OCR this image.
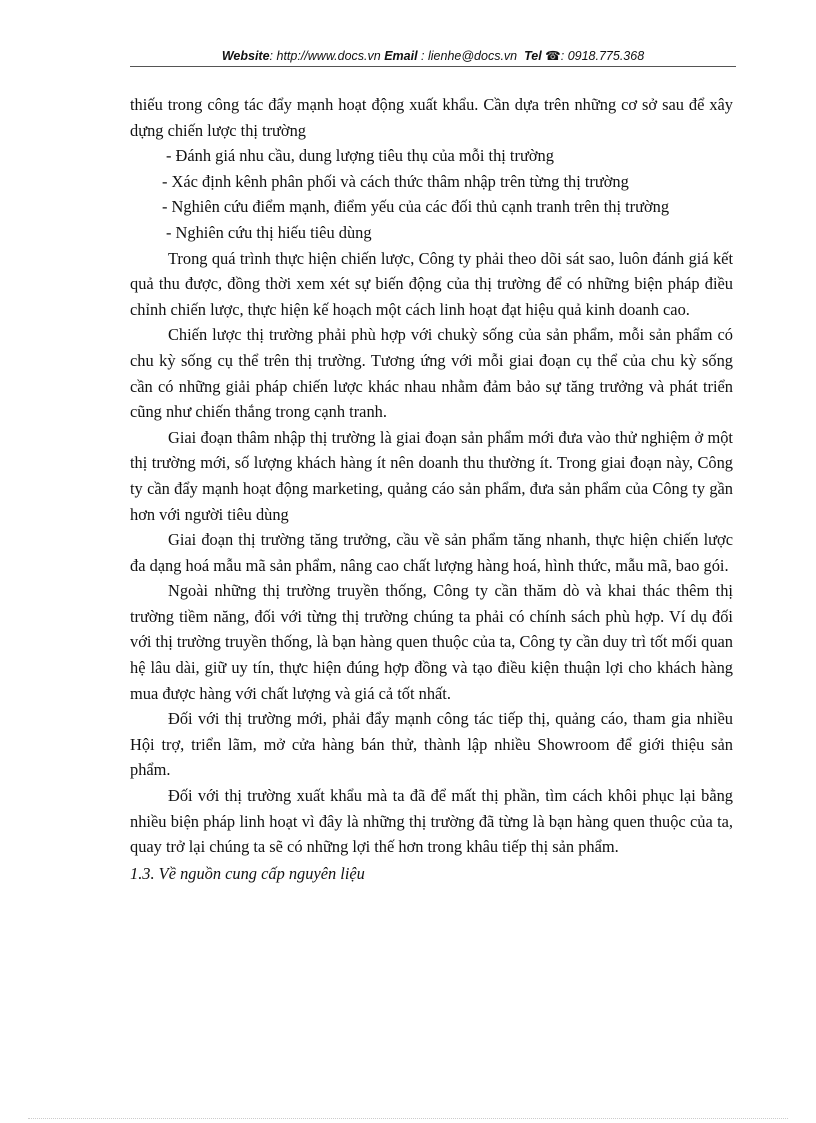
Website: http://www.docs.vn Email : lienhe@docs.vn Tel ☎: 0918.775.368

thiếu trong công tác đẩy mạnh hoạt động xuất khẩu. Cần dựa trên những cơ sở sau để xây dựng chiến lược thị trường

- Đánh giá nhu cầu, dung lượng tiêu thụ của mỗi thị trường

- Xác định kênh phân phối và cách thức thâm nhập trên từng thị trường

- Nghiên cứu điểm mạnh, điểm yếu của các đối thủ cạnh tranh trên thị trường

- Nghiên cứu thị hiếu tiêu dùng

Trong quá trình thực hiện chiến lược, Công ty phải theo dõi sát sao, luôn đánh giá kết quả thu được, đồng thời xem xét sự biến động của thị trường để có những biện pháp điều chỉnh chiến lược, thực hiện kế hoạch một cách linh hoạt đạt hiệu quả kinh doanh cao.

Chiến lược thị trường phải phù hợp với chukỳ sống của sản phẩm, mỗi sản phẩm có chu kỳ sống cụ thể trên thị trường. Tương ứng với mỗi giai đoạn cụ thể của chu kỳ sống cần có những giải pháp chiến lược khác nhau nhằm đảm bảo sự tăng trưởng và phát triển cũng như chiến thắng trong cạnh tranh.

Giai đoạn thâm nhập thị trường là giai đoạn sản phẩm mới đưa vào thử nghiệm ở một thị trường mới, số lượng khách hàng ít nên doanh thu thường ít. Trong giai đoạn này, Công ty cần đẩy mạnh hoạt động marketing, quảng cáo sản phẩm, đưa sản phẩm của Công ty gần hơn với người tiêu dùng

Giai đoạn thị trường tăng trưởng, cầu về sản phẩm tăng nhanh, thực hiện chiến lược đa dạng hoá mẫu mã sản phẩm, nâng cao chất lượng hàng hoá, hình thức, mẫu mã, bao gói.

Ngoài những thị trường truyền thống, Công ty cần thăm dò và khai thác thêm thị trường tiềm năng, đối với từng thị trường chúng ta phải có chính sách phù hợp. Ví dụ đối với thị trường truyền thống, là bạn hàng quen thuộc của ta, Công ty cần duy trì tốt mối quan hệ lâu dài, giữ uy tín, thực hiện đúng hợp đồng và tạo điều kiện thuận lợi cho khách hàng mua được hàng với chất lượng và giá cả tốt nhất.

Đối với thị trường mới, phải đẩy mạnh công tác tiếp thị, quảng cáo, tham gia nhiều Hội trợ, triển lãm, mở cửa hàng bán thử, thành lập nhiều Showroom để giới thiệu sản phẩm.

Đối với thị trường xuất khẩu mà ta đã để mất thị phần, tìm cách khôi phục lại bằng nhiều biện pháp linh hoạt vì đây là những thị trường đã từng là bạn hàng quen thuộc của ta, quay trở lại chúng ta sẽ có những lợi thế hơn trong khâu tiếp thị sản phẩm.

1.3. Về nguồn cung cấp nguyên liệu
